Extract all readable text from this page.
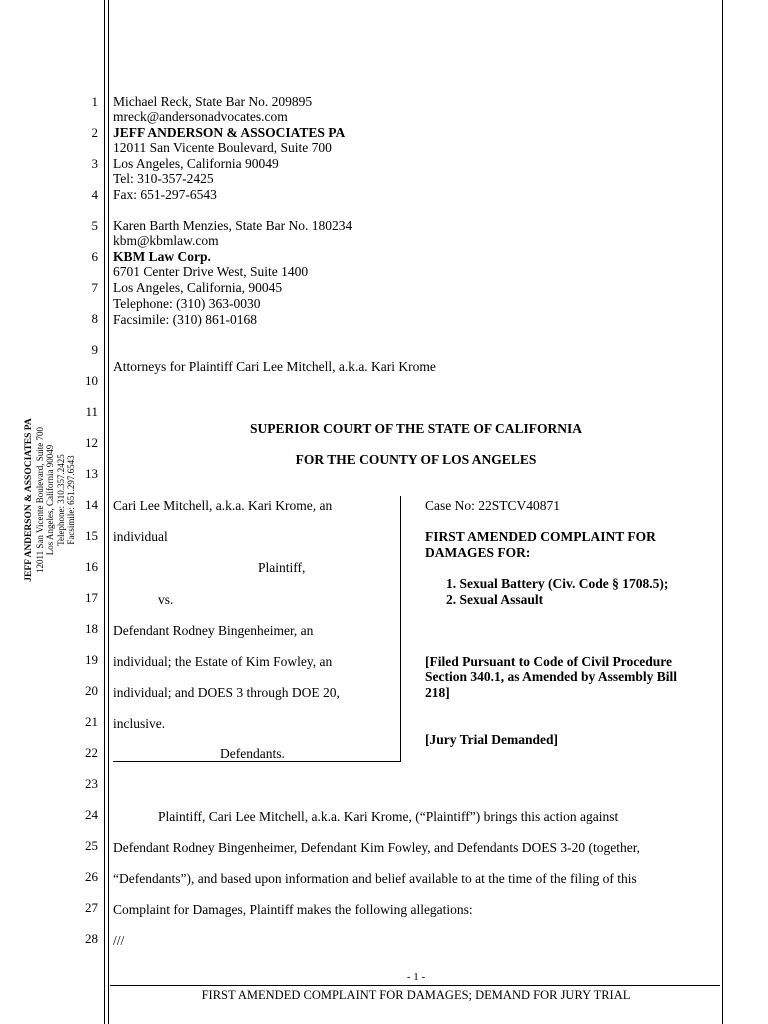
JEFF ANDERSON & ASSOCIATES PA 12011 San Vicente Boulevard, Suite 700 Los Angeles, California 90049 Telephone: 310.357.2425 Facsimile: 651.297.6543
1
2
3
4
5
6
7
8
9
10
11
12
13
14
15
16
17
18
19
20
21
22
23
24
25
26
27
28
Michael Reck, State Bar No. 209895
mreck@andersonadvocates.com
JEFF ANDERSON & ASSOCIATES PA
12011 San Vicente Boulevard, Suite 700
Los Angeles, California 90049
Tel: 310-357-2425
Fax: 651-297-6543
Karen Barth Menzies, State Bar No. 180234
kbm@kbmlaw.com
KBM Law Corp.
6701 Center Drive West, Suite 1400
Los Angeles, California, 90045
Telephone: (310) 363-0030
Facsimile: (310) 861-0168
Attorneys for Plaintiff Cari Lee Mitchell, a.k.a. Kari Krome
SUPERIOR COURT OF THE STATE OF CALIFORNIA
FOR THE COUNTY OF LOS ANGELES
Cari Lee Mitchell, a.k.a. Kari Krome, an
individual
Plaintiff,
vs.
Defendant Rodney Bingenheimer, an
individual; the Estate of Kim Fowley, an
individual; and DOES 3 through DOE 20,
inclusive.
Defendants.
Case No: 22STCV40871
FIRST AMENDED COMPLAINT FOR
DAMAGES FOR:
1. Sexual Battery (Civ. Code § 1708.5);
2. Sexual Assault
[Filed Pursuant to Code of Civil Procedure
Section 340.1, as Amended by Assembly Bill
218]
[Jury Trial Demanded]
Plaintiff, Cari Lee Mitchell, a.k.a. Kari Krome, (“Plaintiff”) brings this action against
Defendant Rodney Bingenheimer, Defendant Kim Fowley, and Defendants DOES 3-20 (together,
“Defendants”), and based upon information and belief available to at the time of the filing of this
Complaint for Damages, Plaintiff makes the following allegations:
///
- 1 -
FIRST AMENDED COMPLAINT FOR DAMAGES; DEMAND FOR JURY TRIAL
